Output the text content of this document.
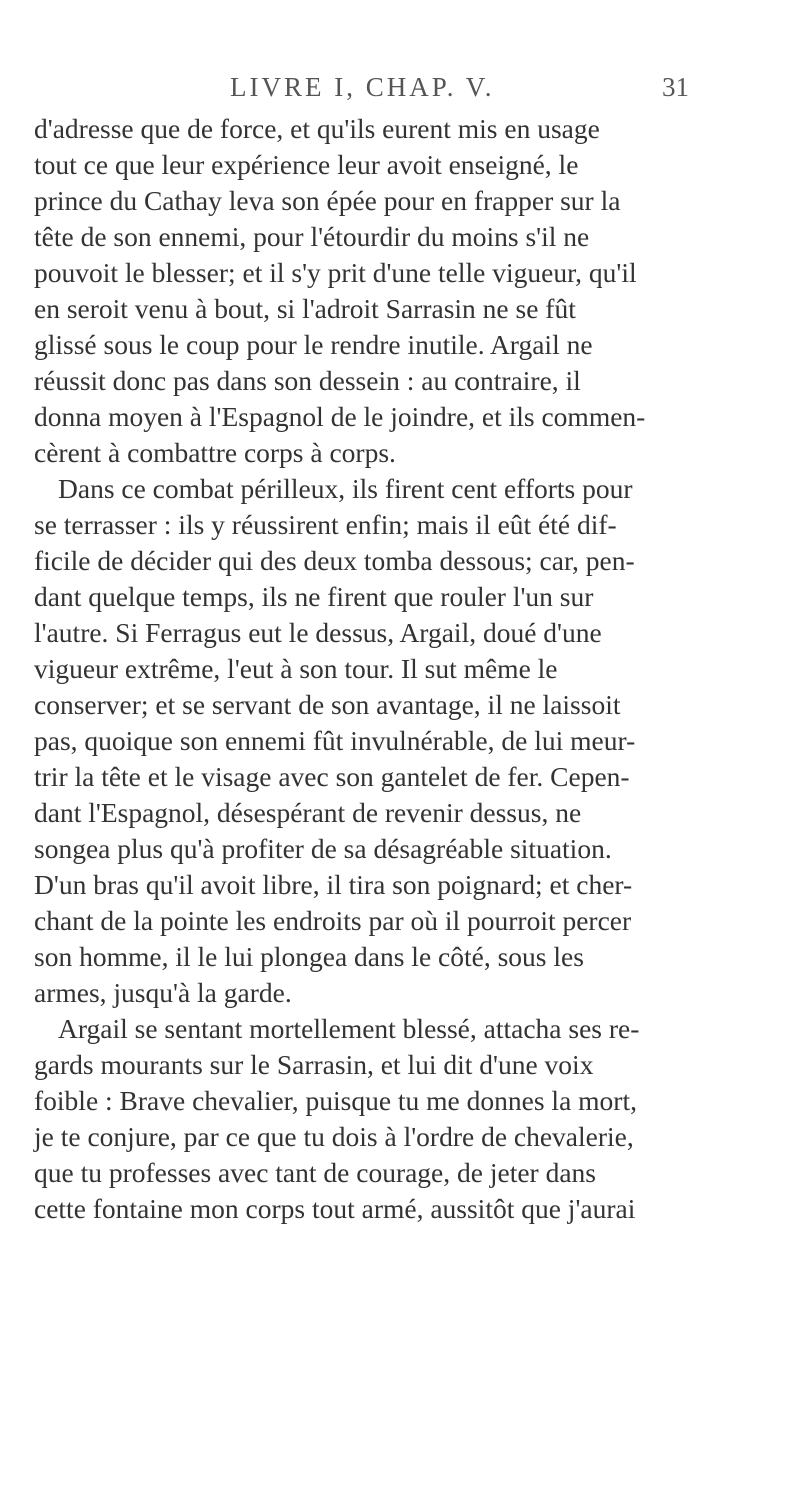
LIVRE I, CHAP. V.	31
d'adresse que de force, et qu'ils eurent mis en usage
tout ce que leur expérience leur avoit enseigné, le
prince du Cathay leva son épée pour en frapper sur la
tête de son ennemi, pour l'étourdir du moins s'il ne
pouvoit le blesser; et il s'y prit d'une telle vigueur, qu'il
en seroit venu à bout, si l'adroit Sarrasin ne se fût
glissé sous le coup pour le rendre inutile. Argail ne
réussit donc pas dans son dessein : au contraire, il
donna moyen à l'Espagnol de le joindre, et ils commen-
cèrent à combattre corps à corps.
Dans ce combat périlleux, ils firent cent efforts pour
se terrasser : ils y réussirent enfin; mais il eût été dif-
ficile de décider qui des deux tomba dessous; car, pen-
dant quelque temps, ils ne firent que rouler l'un sur
l'autre. Si Ferragus eut le dessus, Argail, doué d'une
vigueur extrême, l'eut à son tour. Il sut même le
conserver; et se servant de son avantage, il ne laissoit
pas, quoique son ennemi fût invulnérable, de lui meur-
trir la tête et le visage avec son gantelet de fer. Cepen-
dant l'Espagnol, désespérant de revenir dessus, ne
songea plus qu'à profiter de sa désagréable situation.
D'un bras qu'il avoit libre, il tira son poignard; et cher-
chant de la pointe les endroits par où il pourroit percer
son homme, il le lui plongea dans le côté, sous les
armes, jusqu'à la garde.
Argail se sentant mortellement blessé, attacha ses re-
gards mourants sur le Sarrasin, et lui dit d'une voix
foible : Brave chevalier, puisque tu me donnes la mort,
je te conjure, par ce que tu dois à l'ordre de chevalerie,
que tu professes avec tant de courage, de jeter dans
cette fontaine mon corps tout armé, aussitôt que j'aurai
